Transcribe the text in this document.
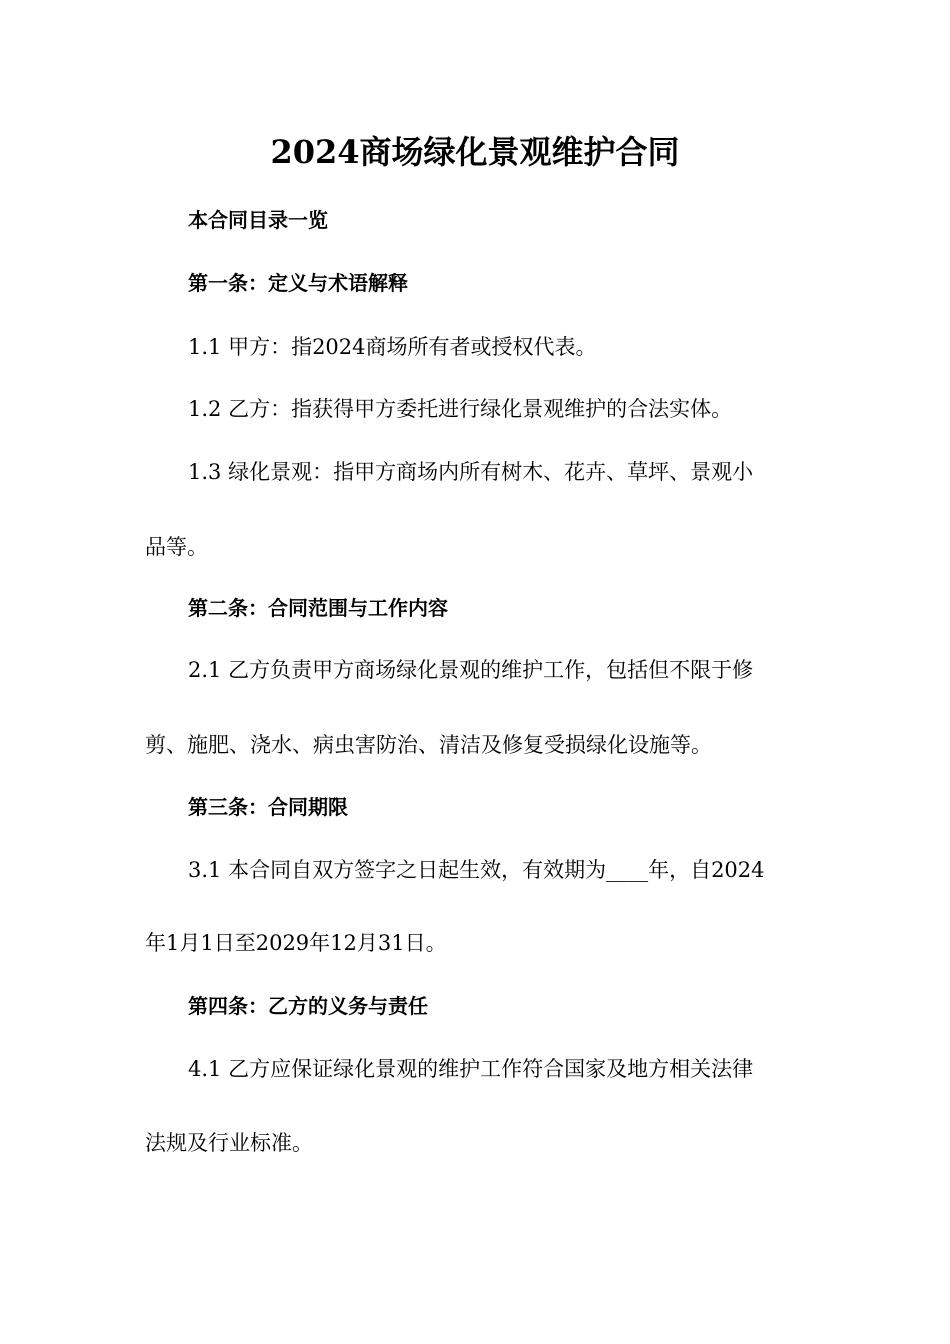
2024商场绿化景观维护合同
本合同目录一览
第一条：定义与术语解释
1.1 甲方：指2024商场所有者或授权代表。
1.2 乙方：指获得甲方委托进行绿化景观维护的合法实体。
1.3 绿化景观：指甲方商场内所有树木、花卉、草坪、景观小
品等。
第二条：合同范围与工作内容
2.1 乙方负责甲方商场绿化景观的维护工作，包括但不限于修
剪、施肥、浇水、病虫害防治、清洁及修复受损绿化设施等。
第三条：合同期限
3.1 本合同自双方签字之日起生效，有效期为____年，自2024
年1月1日至2029年12月31日。
第四条：乙方的义务与责任
4.1 乙方应保证绿化景观的维护工作符合国家及地方相关法律
法规及行业标准。
